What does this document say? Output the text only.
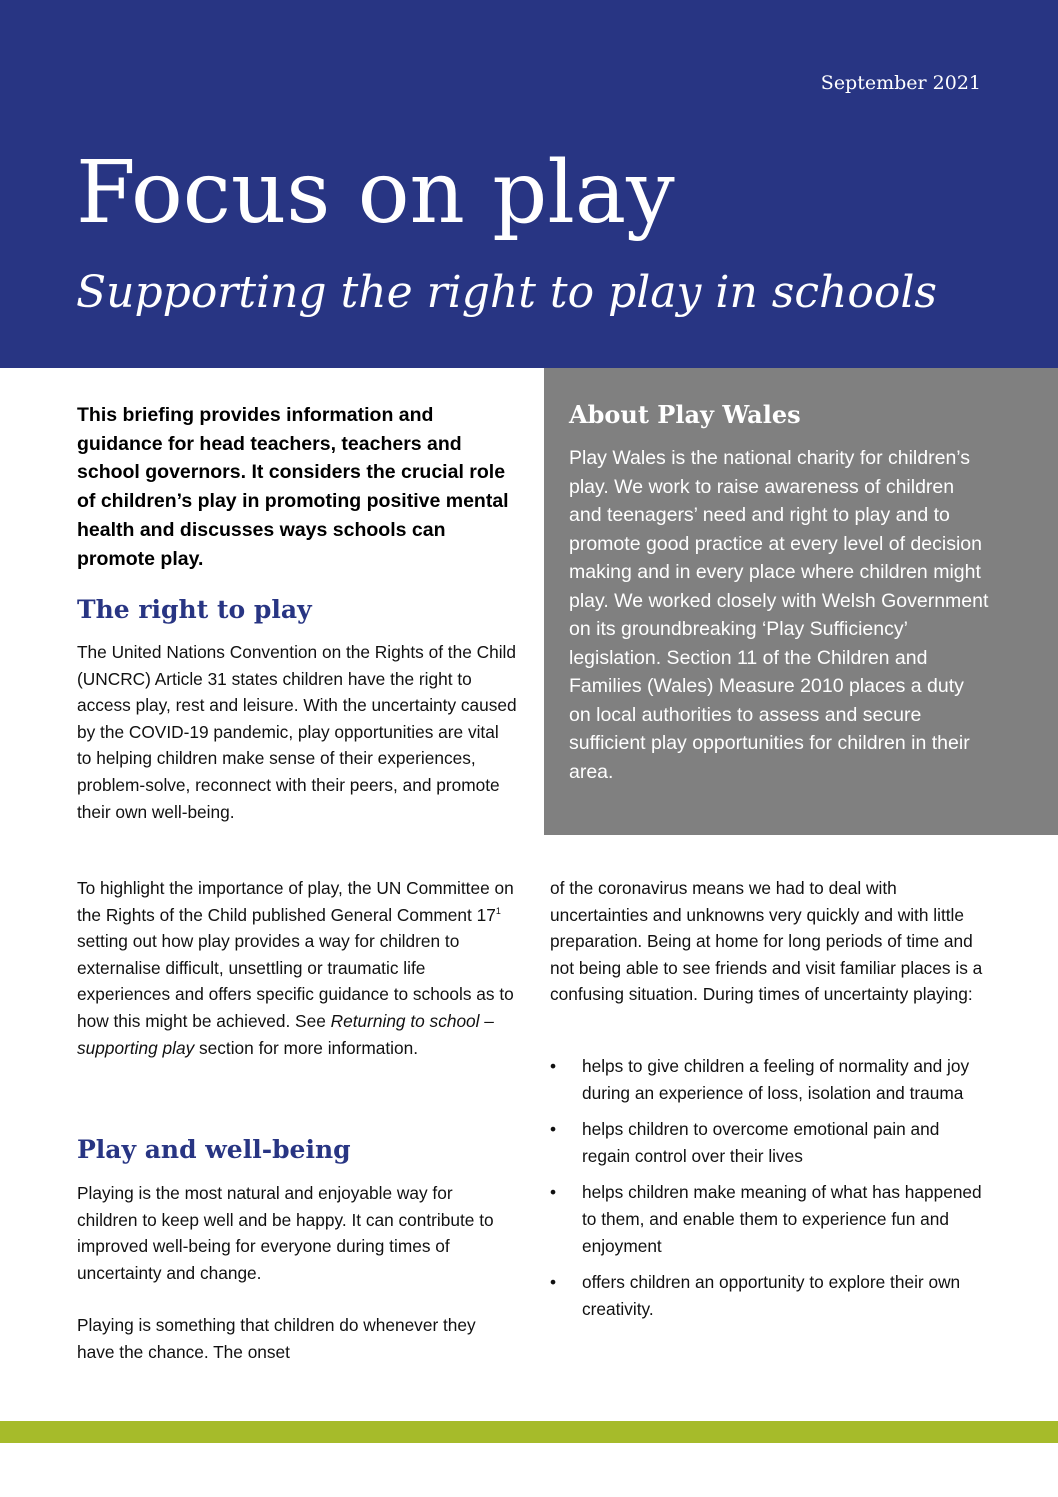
September 2021
Focus on play
Supporting the right to play in schools

This briefing provides information and guidance for head teachers, teachers and school governors. It considers the crucial role of children’s play in promoting positive mental health and discusses ways schools can promote play.

The right to play

The United Nations Convention on the Rights of the Child (UNCRC) Article 31 states children have the right to access play, rest and leisure. With the uncertainty caused by the COVID-19 pandemic, play opportunities are vital to helping children make sense of their experiences, problem-solve, reconnect with their peers, and promote their own well-being.

To highlight the importance of play, the UN Committee on the Rights of the Child published General Comment $17^1$ setting out how play provides a way for children to externalise difficult, unsettling or traumatic life experiences and offers specific guidance to schools as to how this might be achieved. See Returning to school – supporting play section for more information.

Play and well-being

Playing is the most natural and enjoyable way for children to keep well and be happy. It can contribute to improved well-being for everyone during times of uncertainty and change.

Playing is something that children do whenever they have the chance. The onset

About Play Wales

Play Wales is the national charity for children’s play. We work to raise awareness of children and teenagers’ need and right to play and to promote good practice at every level of decision making and in every place where children might play. We worked closely with Welsh Government on its groundbreaking ‘Play Sufficiency’ legislation. Section 11 of the Children and Families (Wales) Measure 2010 places a duty on local authorities to assess and secure sufficient play opportunities for children in their area.

of the coronavirus means we had to deal with uncertainties and unknowns very quickly and with little preparation. Being at home for long periods of time and not being able to see friends and visit familiar places is a confusing situation. During times of uncertainty playing:

• helps to give children a feeling of normality and joy during an experience of loss, isolation and trauma
• helps children to overcome emotional pain and regain control over their lives
• helps children make meaning of what has happened to them, and enable them to experience fun and enjoyment
• offers children an opportunity to explore their own creativity.
